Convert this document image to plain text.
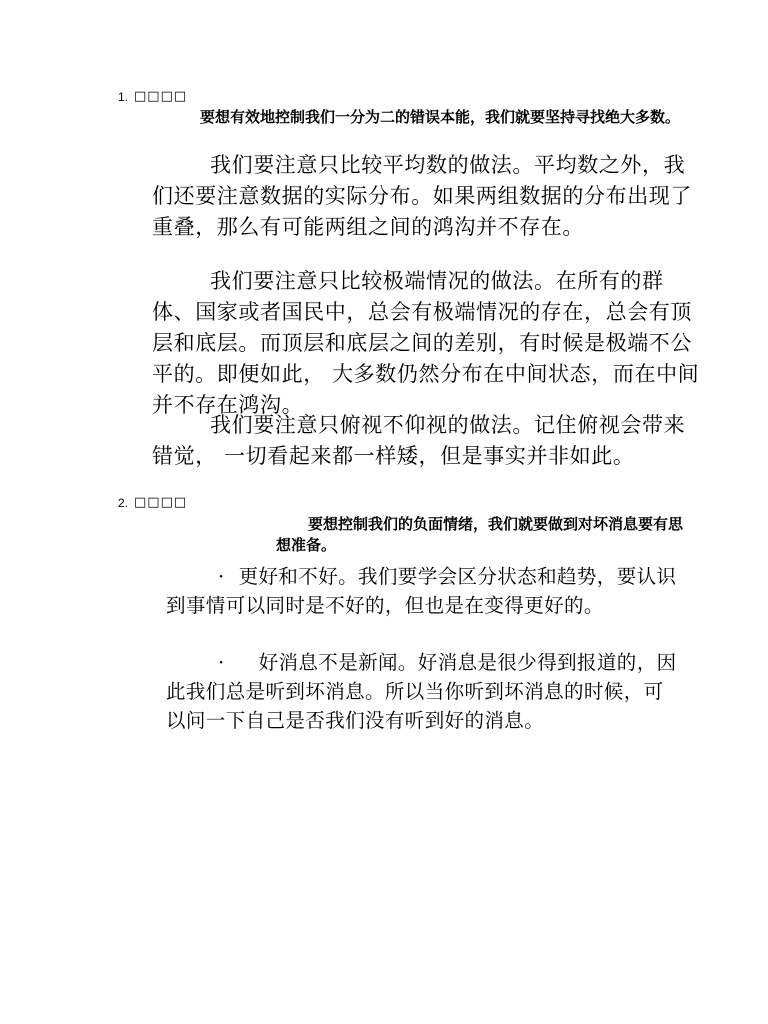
1. □□□□

要想有效地控制我们一分为二的错误本能，我们就要坚持寻找绝大多数。

我们要注意只比较平均数的做法。平均数之外，我们还要注意数据的实际分布。如果两组数据的分布出现了重叠，那么有可能两组之间的鸿沟并不存在。

我们要注意只比较极端情况的做法。在所有的群体、国家或者国民中，总会有极端情况的存在，总会有顶层和底层。而顶层和底层之间的差别，有时候是极端不公平的。即便如此， 大多数仍然分布在中间状态，而在中间并不存在鸿沟。

我们要注意只俯视不仰视的做法。记住俯视会带来错觉， 一切看起来都一样矮，但是事实并非如此。

2. □□□□

要想控制我们的负面情绪，我们就要做到对坏消息要有思想准备。

· 更好和不好。我们要学会区分状态和趋势，要认识到事情可以同时是不好的，但也是在变得更好的。

· 好消息不是新闻。好消息是很少得到报道的，因此我们总是听到坏消息。所以当你听到坏消息的时候，可以问一下自己是否我们没有听到好的消息。
